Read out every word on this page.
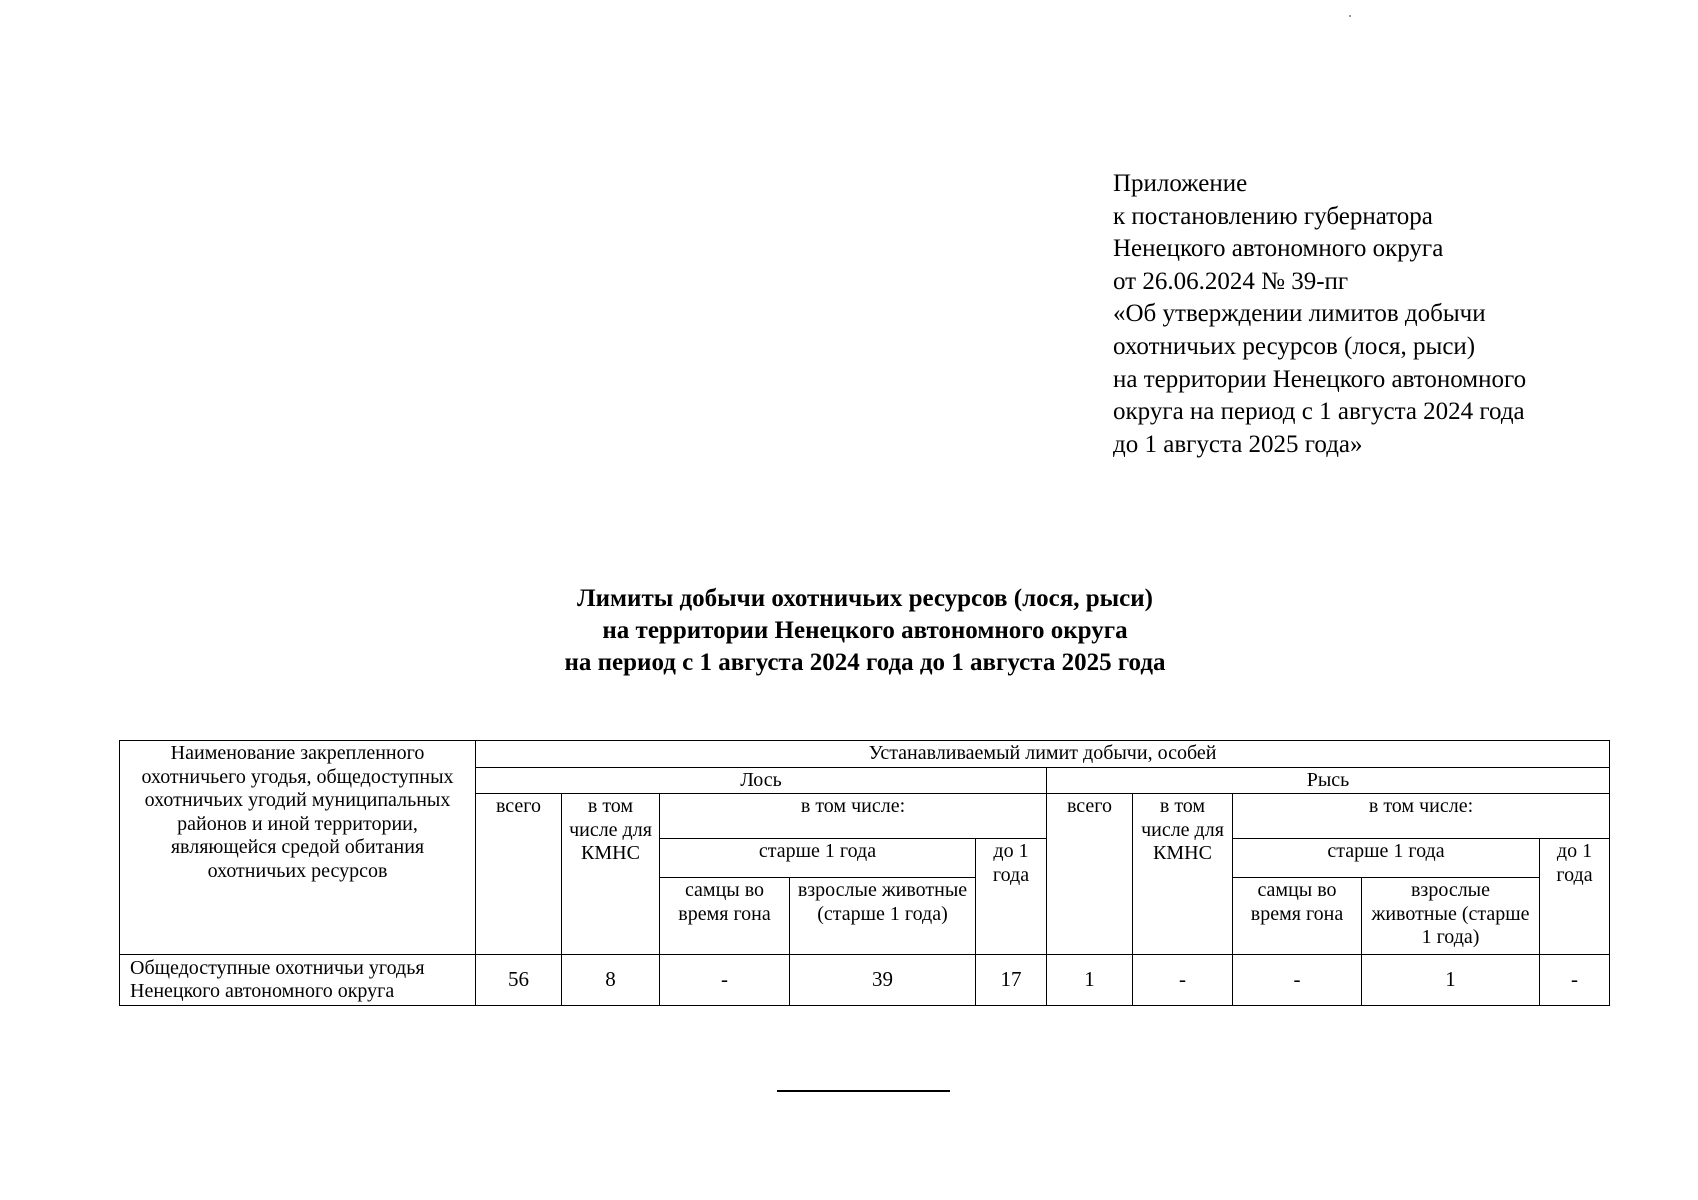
Приложение
к постановлению губернатора
Ненецкого автономного округа
от 26.06.2024 № 39-пг
«Об утверждении лимитов добычи
охотничьих ресурсов (лося, рыси)
на территории Ненецкого автономного
округа на период с 1 августа 2024 года
до 1 августа 2025 года»
Лимиты добычи охотничьих ресурсов (лося, рыси)
на территории Ненецкого автономного округа
на период с 1 августа 2024 года до 1 августа 2025 года
Наименование закрепленного охотничьего угодья, общедоступных охотничьих угодий муниципальных районов и иной территории, являющейся средой обитания охотничьих ресурсов	Устанавливаемый лимит добычи, особей									
	Лось					Рысь				
	всего	в том числе для КМНС	в том числе:			всего	в том числе для КМНС	в том числе:		
			старше 1 года		до 1 года			старше 1 года		до 1 года
			самцы во время гона	взрослые животные (старше 1 года)				самцы во время гона	взрослые животные (старше 1 года)	
Общедоступные охотничьи угодья Ненецкого автономного округа	56	8	-	39	17	1	-	-	1	-
